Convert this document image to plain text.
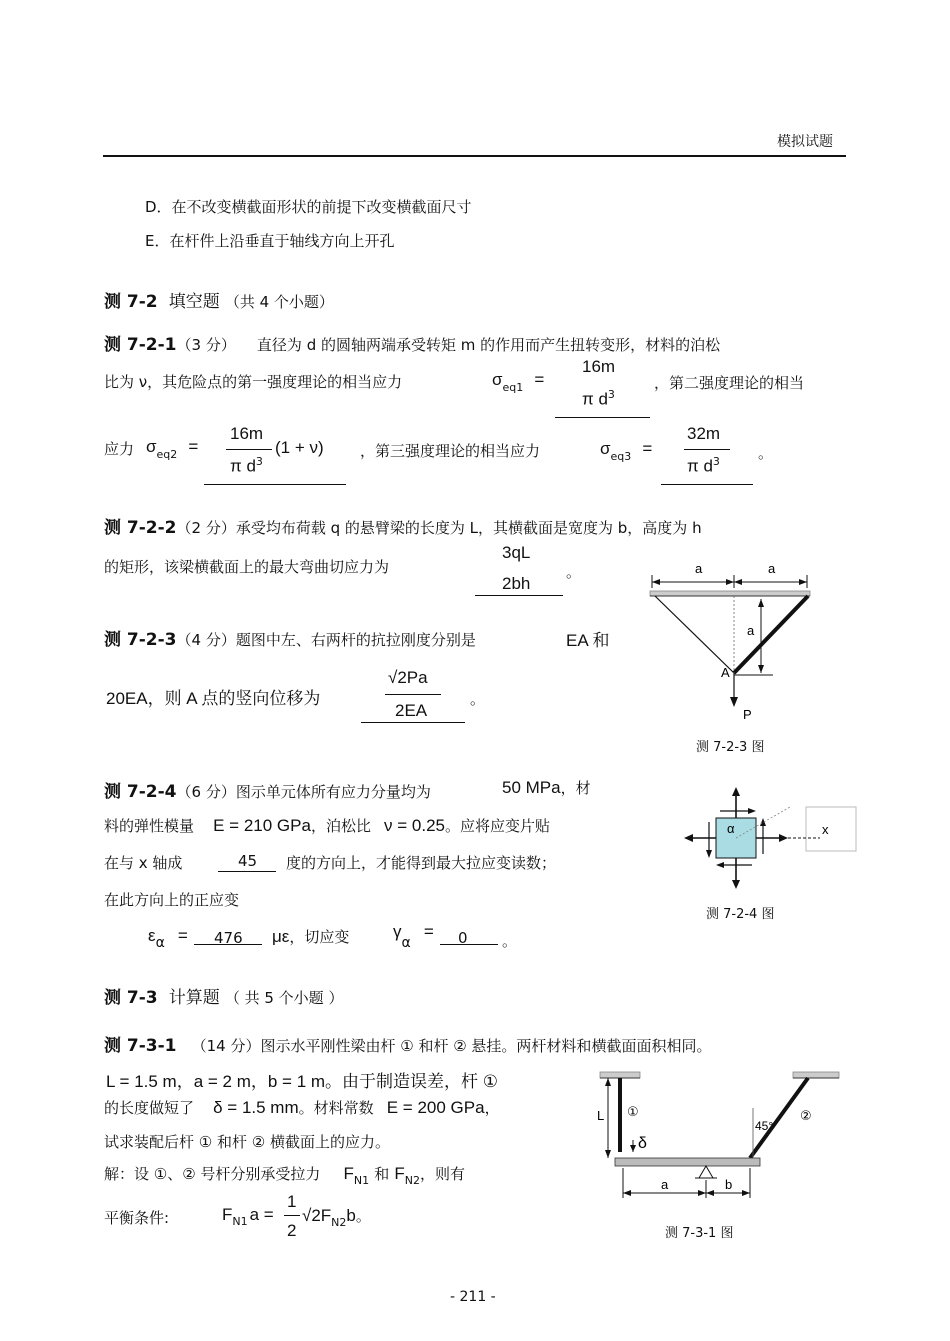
模拟试题
D．在不改变横截面形状的前提下改变横截面尺寸
E．在杆件上沿垂直于轴线方向上开孔
测 7-2 填空题 （共 4 个小题）
测 7-2-1（3 分） 直径为 d 的圆轴两端承受转矩 m 的作用而产生扭转变形，材料的泊松
比为 ν，其危险点的第一强度理论的相当应力	$\sigma_{eq1}$ =
16m
π $d^3$
，第二强度理论的相当
应力 $\sigma_{eq2}$ =
16m
π $d^3$
(1 + ν) ，第三强度理论的相当应力	$\sigma_{eq3}$ =
32m
π $d^3$	。
测 7-2-2（2 分）承受均布荷载 q 的悬臂梁的长度为 L，其横截面是宽度为 b，高度为 h
的矩形，该梁横截面上的最大弯曲切应力为
3qL
2bh
。
测 7-2-3（4 分）题图中左、右两杆的抗拉刚度分别是	EA 和
20EA，则 A 点的竖向位移为
√2Pa
2EA
。
a	a
a
A
P
测 7-2-3 图
测 7-2-4（6 分）图示单元体所有应力分量均为	50 MPa，材
料的弹性模量 E = 210 GPa，泊松比 ν = 0.25。应将应变片贴
在与 x 轴成	45 度的方向上，才能得到最大拉应变读数；
在此方向上的正应变
εα = 476 με，切应变	γα = 0 。
α	x
测 7-2-4 图
测 7-3 计算题 （ 共 5 个小题 ）
测 7-3-1 （14 分）图示水平刚性梁由杆 ① 和杆 ② 悬挂。两杆材料和横截面面积相同。
L = 1.5 m，a = 2 m，b = 1 m。由于制造误差，杆 ①
的长度做短了 δ = 1.5 mm。材料常数 E = 200 GPa，
试求装配后杆 ① 和杆 ② 横截面上的应力。
解：设 ①、② 号杆分别承受拉力 $F_{N1}$ 和 $F_{N2}$，则有
平衡条件:	$F_{N1}$ a =
1
2
$√2F_{N2}b$。
L ①
δ
②
45°
a	b
测 7-3-1 图
- 211 -
